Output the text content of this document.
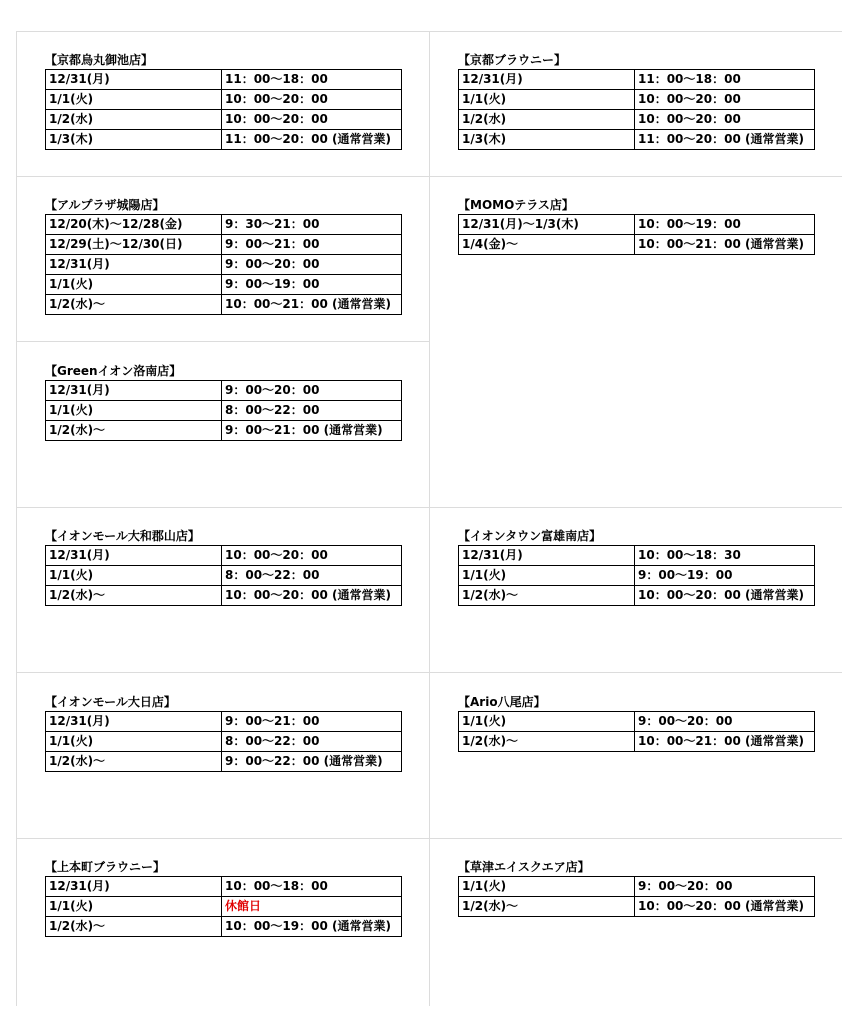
【京都烏丸御池店】
12/31(月)	11：00〜18：00
1/1(火)	10：00〜20：00
1/2(水)	10：00〜20：00
1/3(木)	11：00〜20：00 (通常営業)
【京都ブラウニー】
12/31(月)	11：00〜18：00
1/1(火)	10：00〜20：00
1/2(水)	10：00〜20：00
1/3(木)	11：00〜20：00 (通常営業)
【アルプラザ城陽店】
12/20(木)〜12/28(金)	9：30〜21：00
12/29(土)〜12/30(日)	9：00〜21：00
12/31(月)	9：00〜20：00
1/1(火)	9：00〜19：00
1/2(水)〜	10：00〜21：00 (通常営業)
【MOMOテラス店】
12/31(月)〜1/3(木)	10：00〜19：00
1/4(金)〜	10：00〜21：00 (通常営業)
【Greenイオン洛南店】
12/31(月)	9：00〜20：00
1/1(火)	8：00〜22：00
1/2(水)〜	9：00〜21：00 (通常営業)
【イオンモール大和郡山店】
12/31(月)	10：00〜20：00
1/1(火)	8：00〜22：00
1/2(水)〜	10：00〜20：00 (通常営業)
【イオンタウン富雄南店】
12/31(月)	10：00〜18：30
1/1(火)	9：00〜19：00
1/2(水)〜	10：00〜20：00 (通常営業)
【イオンモール大日店】
12/31(月)	9：00〜21：00
1/1(火)	8：00〜22：00
1/2(水)〜	9：00〜22：00 (通常営業)
【Ario八尾店】
1/1(火)	9：00〜20：00
1/2(水)〜	10：00〜21：00 (通常営業)
【上本町ブラウニー】
12/31(月)	10：00〜18：00
1/1(火)	休館日
1/2(水)〜	10：00〜19：00 (通常営業)
【草津エイスクエア店】
1/1(火)	9：00〜20：00
1/2(水)〜	10：00〜20：00 (通常営業)
